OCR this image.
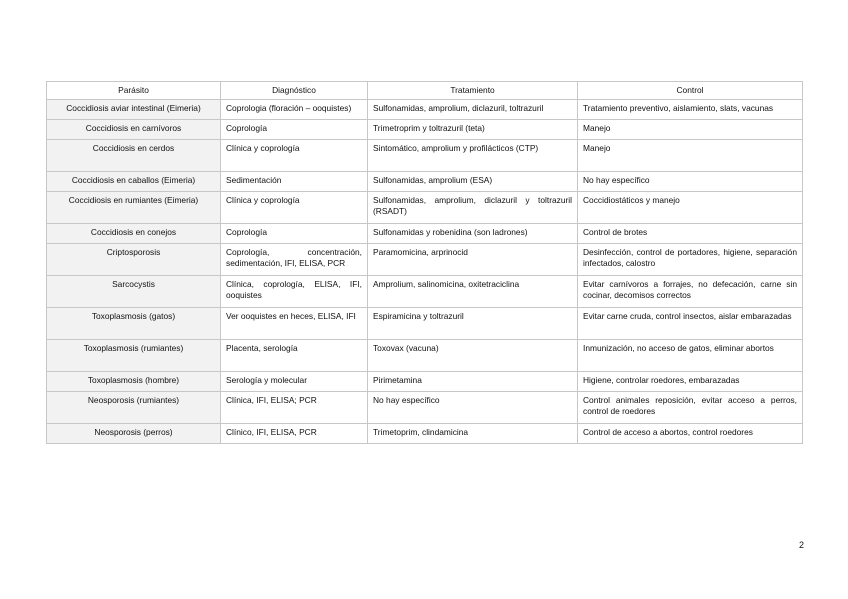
Parásito	Diagnóstico	Tratamiento	Control
Coccidiosis aviar intestinal (Eimeria)	Coprologia (floración – ooquistes)	Sulfonamidas, amprolium, diclazuril, toltrazuril	Tratamiento preventivo, aislamiento, slats, vacunas
Coccidiosis en carnívoros	Coprología	Trimetroprim y toltrazuril (teta)	Manejo
Coccidiosis en cerdos	Clínica y coprología	Sintomático, amprolium y profilácticos (CTP)	Manejo
Coccidiosis en caballos (Eimeria)	Sedimentación	Sulfonamidas, amprolium (ESA)	No hay específico
Coccidiosis en rumiantes (Eimeria)	Clínica y coprología	Sulfonamidas, amprolium, diclazuril y toltrazuril (RSADT)	Coccidiostáticos y manejo
Coccidiosis en conejos	Coprología	Sulfonamidas y robenidina (son ladrones)	Control de brotes
Criptosporosis	Coprología, concentración, sedimentación, IFI, ELISA, PCR	Paramomicina, arprinocid	Desinfección, control de portadores, higiene, separación infectados, calostro
Sarcocystis	Clínica, coprología, ELISA, IFI, ooquistes	Amprolium, salinomicina, oxitetraciclina	Evitar carnívoros a forrajes, no defecación, carne sin cocinar, decomisos correctos
Toxoplasmosis (gatos)	Ver ooquistes en heces, ELISA, IFI	Espiramicina y toltrazuril	Evitar carne cruda, control insectos, aislar embarazadas
Toxoplasmosis (rumiantes)	Placenta, serología	Toxovax (vacuna)	Inmunización, no acceso de gatos, eliminar abortos
Toxoplasmosis (hombre)	Serología y molecular	Pirimetamina	Higiene, controlar roedores, embarazadas
Neosporosis (rumiantes)	Clínica, IFI, ELISA; PCR	No hay específico	Control animales reposición, evitar acceso a perros, control de roedores
Neosporosis (perros)	Clínico, IFI, ELISA, PCR	Trimetoprim, clindamicina	Control de acceso a abortos, control roedores
2
